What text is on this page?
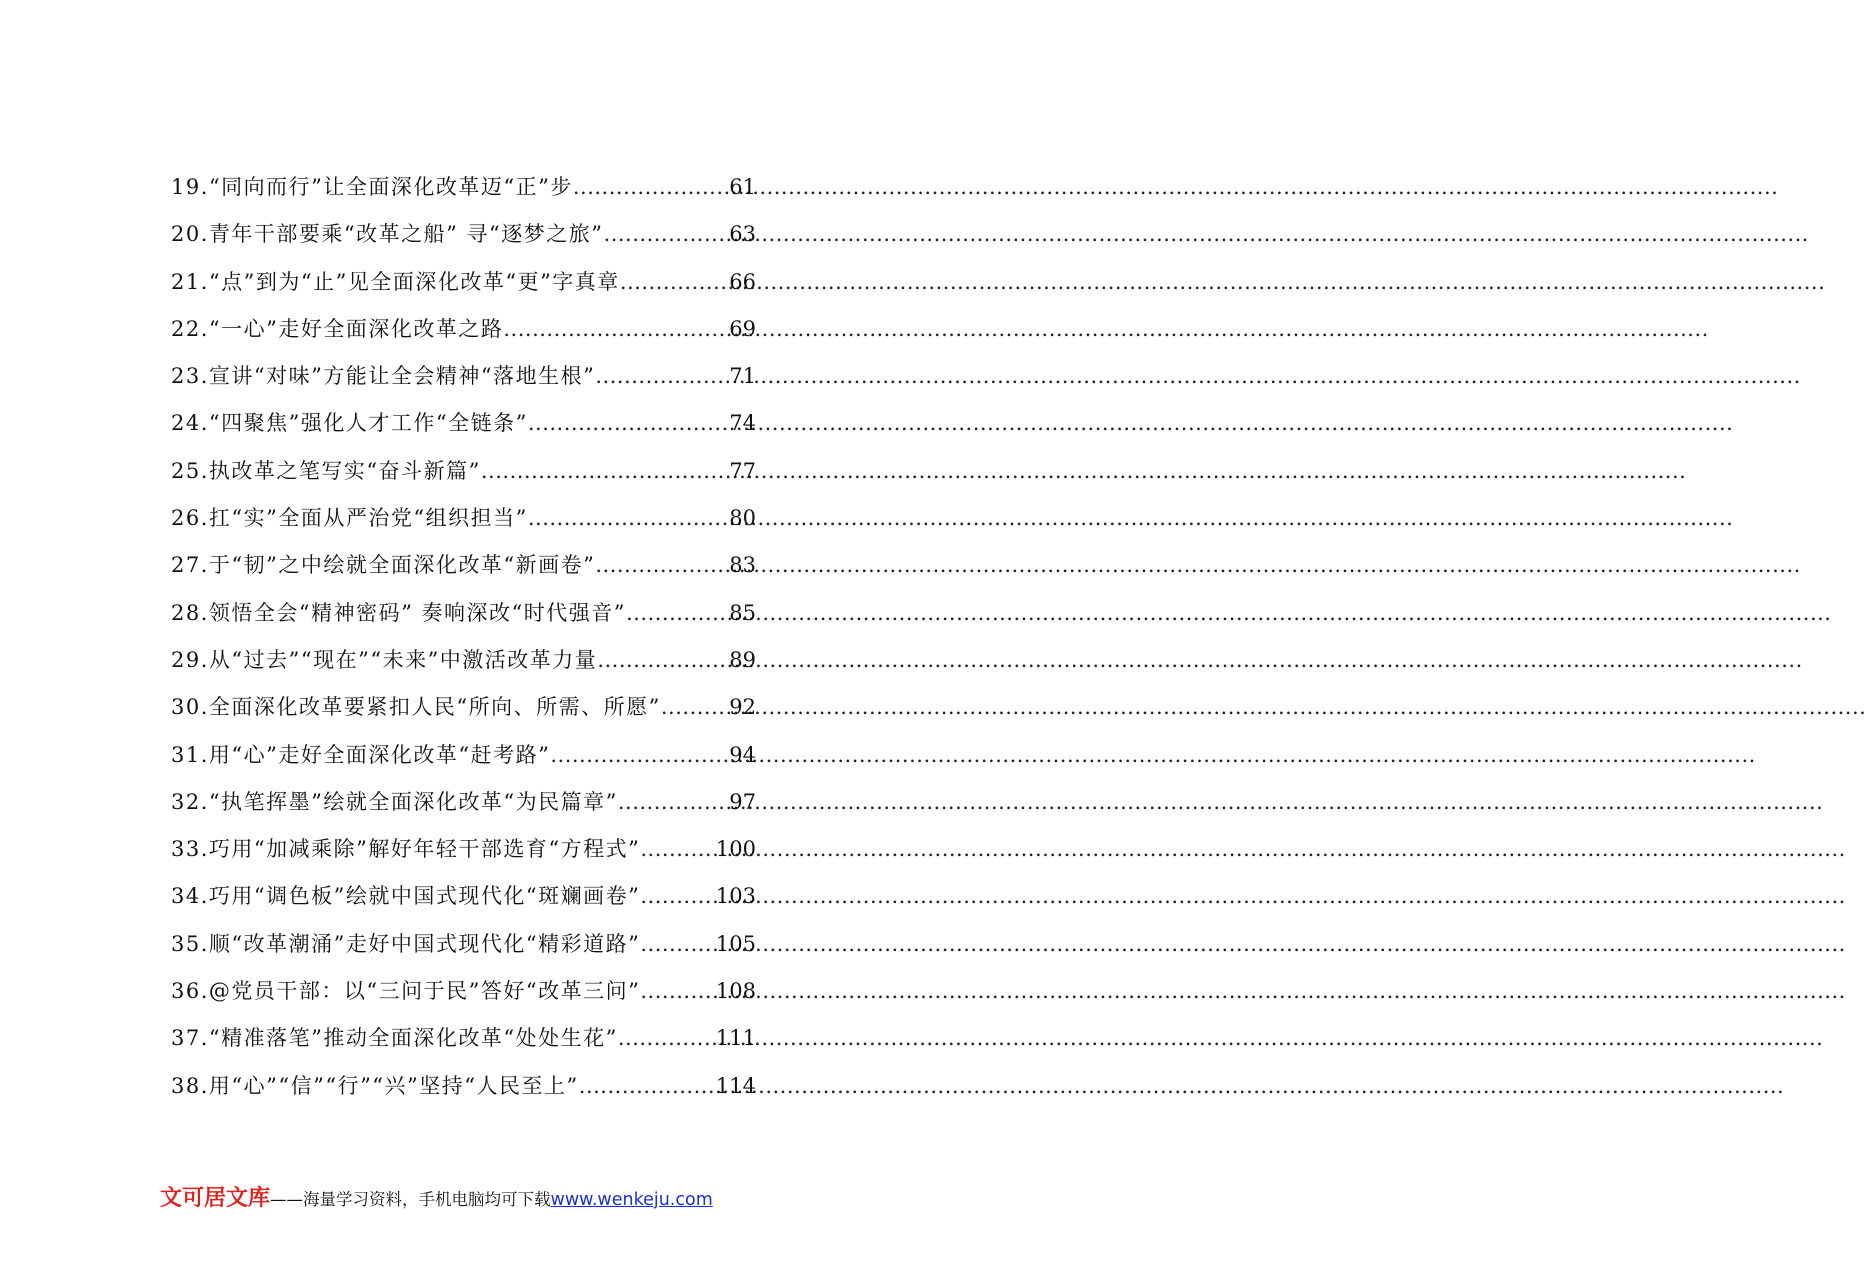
19.“同向而行”让全面深化改革迈“正”步 .....	61
20.青年干部要乘“改革之船” 寻“逐梦之旅” .....	63
21.“点”到为“止”见全面深化改革“更”字真章 .....	66
22.“一心”走好全面深化改革之路 .....	69
23.宣讲“对味”方能让全会精神“落地生根” .....	71
24.“四聚焦”强化人才工作“全链条” .....	74
25.执改革之笔写实“奋斗新篇” .....	77
26.扛“实”全面从严治党“组织担当” .....	80
27.于“韧”之中绘就全面深化改革“新画卷” .....	83
28.领悟全会“精神密码” 奏响深改“时代强音” .....	85
29.从“过去”“现在”“未来”中激活改革力量 .....	89
30.全面深化改革要紧扣人民“所向、所需、所愿” .....	92
31.用“心”走好全面深化改革“赶考路” .....	94
32.“执笔挥墨”绘就全面深化改革“为民篇章” .....	97
33.巧用“加减乘除”解好年轻干部选育“方程式” .....	100
34.巧用“调色板”绘就中国式现代化“斑斓画卷” .....	103
35.顺“改革潮涌”走好中国式现代化“精彩道路” .....	105
36.@党员干部：以“三问于民”答好“改革三问” .....	108
37.“精准落笔”推动全面深化改革“处处生花” .....	111
38.用“心”“信”“行”“兴”坚持“人民至上” .....	114
文可居文库 ——海量学习资料，手机电脑均可下载 www.wenkeju.com
